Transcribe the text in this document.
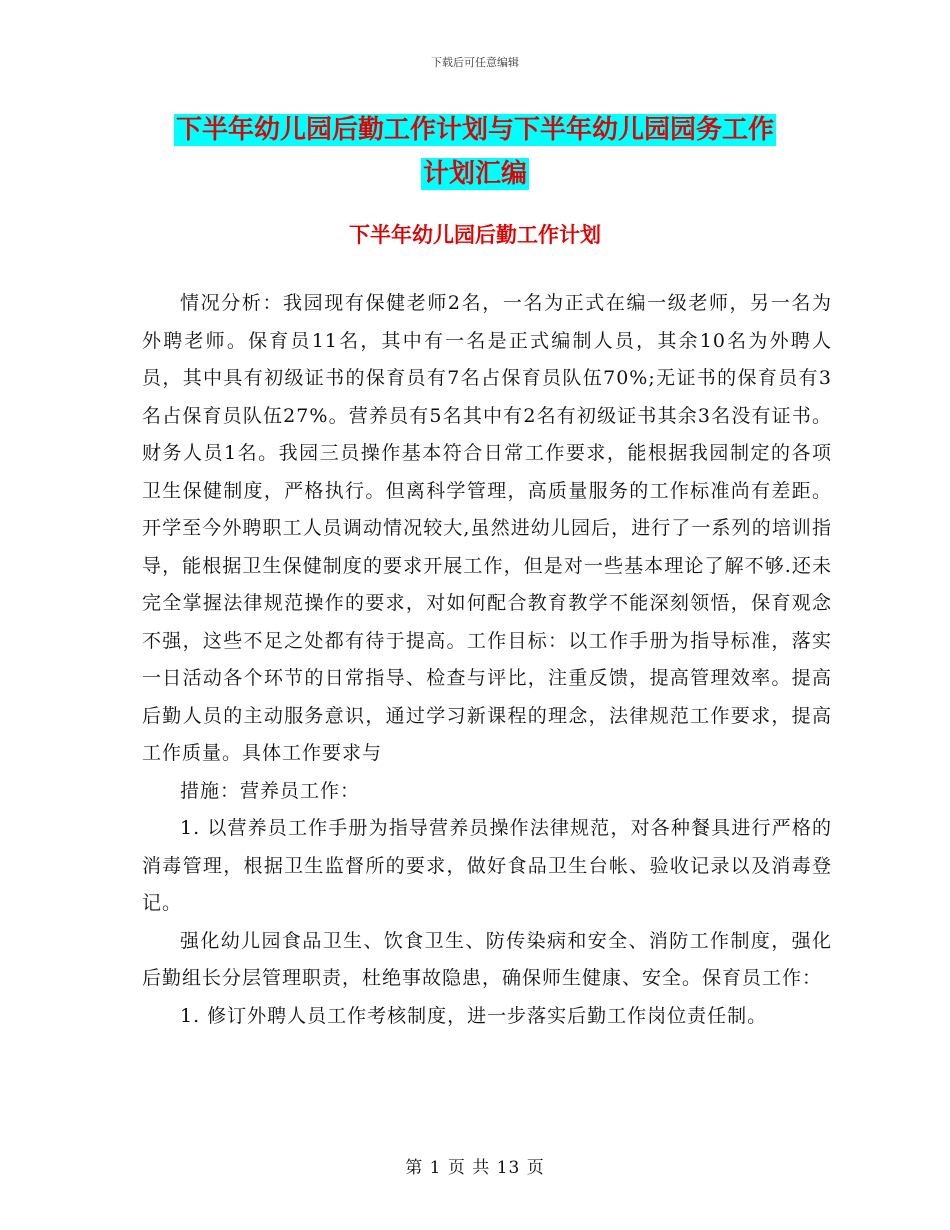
下载后可任意编辑
下半年幼儿园后勤工作计划与下半年幼儿园园务工作
计划汇编
下半年幼儿园后勤工作计划

情况分析：我园现有保健老师2名，一名为正式在编一级老师，另一名为外聘老师。保育员11名，其中有一名是正式编制人员，其余10名为外聘人员，其中具有初级证书的保育员有7名占保育员队伍70%;无证书的保育员有3名占保育员队伍27%。营养员有5名其中有2名有初级证书其余3名没有证书。财务人员1名。我园三员操作基本符合日常工作要求，能根据我园制定的各项卫生保健制度，严格执行。但离科学管理，高质量服务的工作标准尚有差距。开学至今外聘职工人员调动情况较大,虽然进幼儿园后，进行了一系列的培训指导，能根据卫生保健制度的要求开展工作，但是对一些基本理论了解不够.还未完全掌握法律规范操作的要求，对如何配合教育教学不能深刻领悟，保育观念不强，这些不足之处都有待于提高。工作目标：以工作手册为指导标准，落实一日活动各个环节的日常指导、检查与评比，注重反馈，提高管理效率。提高后勤人员的主动服务意识，通过学习新课程的理念，法律规范工作要求，提高工作质量。具体工作要求与

措施：营养员工作：

1. 以营养员工作手册为指导营养员操作法律规范，对各种餐具进行严格的消毒管理，根据卫生监督所的要求，做好食品卫生台帐、验收记录以及消毒登记。

强化幼儿园食品卫生、饮食卫生、防传染病和安全、消防工作制度，强化后勤组长分层管理职责，杜绝事故隐患，确保师生健康、安全。保育员工作：

1. 修订外聘人员工作考核制度，进一步落实后勤工作岗位责任制。

第 1 页 共 13 页
